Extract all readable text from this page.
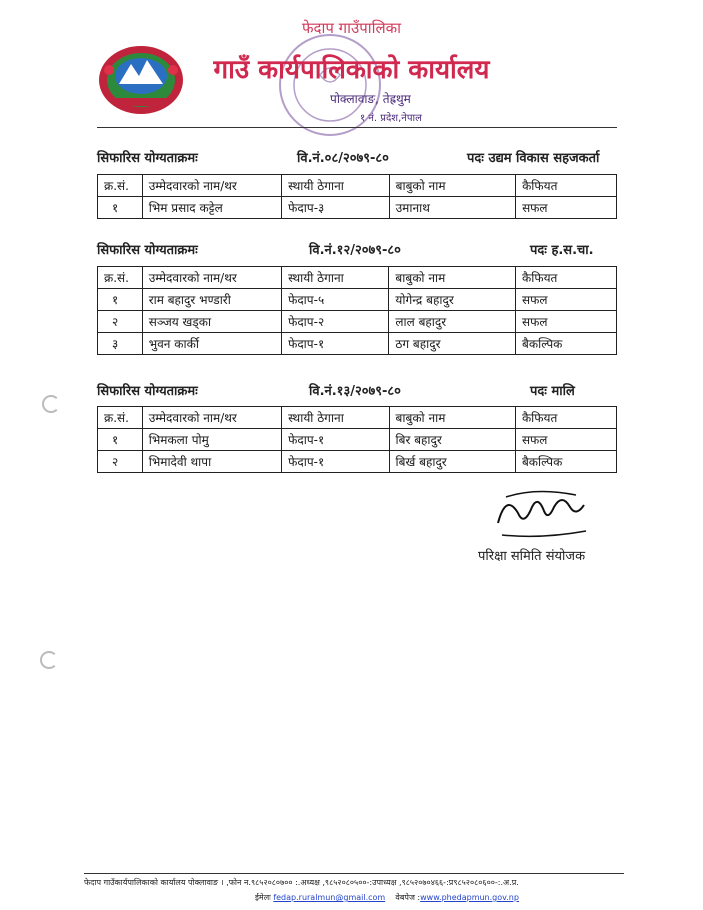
फेदाप गाउँपालिका
गाउँ कार्यपालिकाको कार्यालय
पोक्लावाङ, तेह्रथुम
१ नं. प्रदेश,नेपाल
सिफारिस योग्यताक्रमः	वि.नं.०८/२०७९-८०	पदः उद्यम विकास सहजकर्ता
क्र.सं.	उम्मेदवारको नाम/थर	स्थायी ठेगाना	बाबुको नाम	कैफियत
१	भिम प्रसाद कट्टेल	फेदाप-३	उमानाथ	सफल
सिफारिस योग्यताक्रमः	वि.नं.१२/२०७९-८०	पदः ह.स.चा.
क्र.सं.	उम्मेदवारको नाम/थर	स्थायी ठेगाना	बाबुको नाम	कैफियत
१	राम बहादुर भण्डारी	फेदाप-५	योगेन्द्र बहादुर	सफल
२	सञ्जय खड्का	फेदाप-२	लाल बहादुर	सफल
३	भुवन कार्की	फेदाप-१	ठग बहादुर	बैकल्पिक
सिफारिस योग्यताक्रमः	वि.नं.१३/२०७९-८०	पदः मालि
क्र.सं.	उम्मेदवारको नाम/थर	स्थायी ठेगाना	बाबुको नाम	कैफियत
१	भिमकला पोमु	फेदाप-१	बिर बहादुर	सफल
२	भिमादेवी थापा	फेदाप-१	बिर्ख बहादुर	बैकल्पिक
परिक्षा समिति संयोजक
फेदाप गाउँकार्यपालिकाको कार्यालय पोक्लावाङ । ,फोन न.९८५२०८०७०० :.अध्यक्ष ,९८५२०८०५००-:उपाध्यक्ष ,९८५२०७०४६६-:प्र९८५२०८०६००-:.अ.प्र.
ईमेलः fedap.ruralmun@gmail.com वेबपेज :www.phedapmun.gov.np
